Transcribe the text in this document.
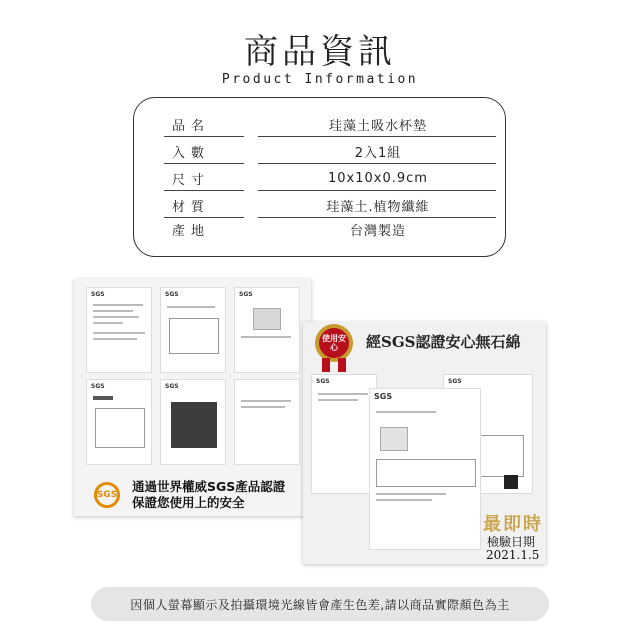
商品資訊
Product Information
品名	珪藻土吸水杯墊
入數	2入1組
尺寸	10x10x0.9cm
材質	珪藻土.植物纖維
產地	台灣製造
SGS	SGS	SGS
SGS	SGS
SGS
通過世界權威SGS產品認證
保證您使用上的安全
SGS	SGS
SGS
使用安心	經SGS認證安心無石綿
最即時
檢驗日期
2021.1.5
因個人螢幕顯示及拍攝環境光線皆會產生色差,請以商品實際顏色為主
